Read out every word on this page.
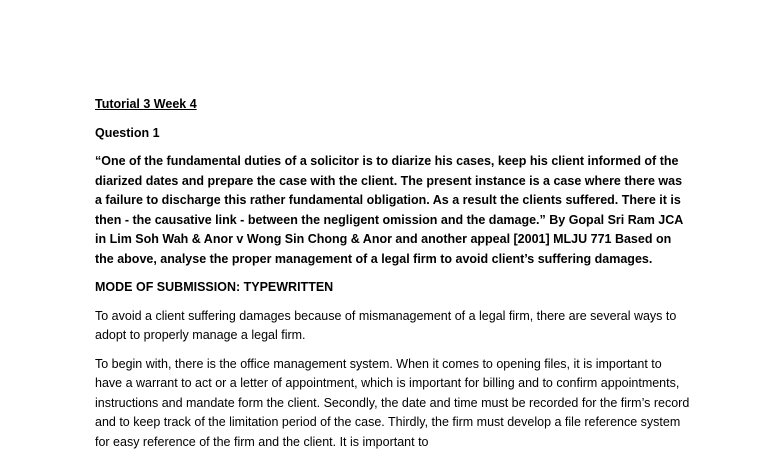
Tutorial 3 Week 4
Question 1
“One of the fundamental duties of a solicitor is to diarize his cases, keep his client informed of the diarized dates and prepare the case with the client. The present instance is a case where there was a failure to discharge this rather fundamental obligation. As a result the clients suffered. There it is then - the causative link - between the negligent omission and the damage.” By Gopal Sri Ram JCA in Lim Soh Wah & Anor v Wong Sin Chong & Anor and another appeal [2001] MLJU 771 Based on the above, analyse the proper management of a legal firm to avoid client’s suffering damages.
MODE OF SUBMISSION: TYPEWRITTEN
To avoid a client suffering damages because of mismanagement of a legal firm, there are several ways to adopt to properly manage a legal firm.
To begin with, there is the office management system. When it comes to opening files, it is important to have a warrant to act or a letter of appointment, which is important for billing and to confirm appointments, instructions and mandate form the client. Secondly, the date and time must be recorded for the firm’s record and to keep track of the limitation period of the case. Thirdly, the firm must develop a file reference system for easy reference of the firm and the client. It is important to
